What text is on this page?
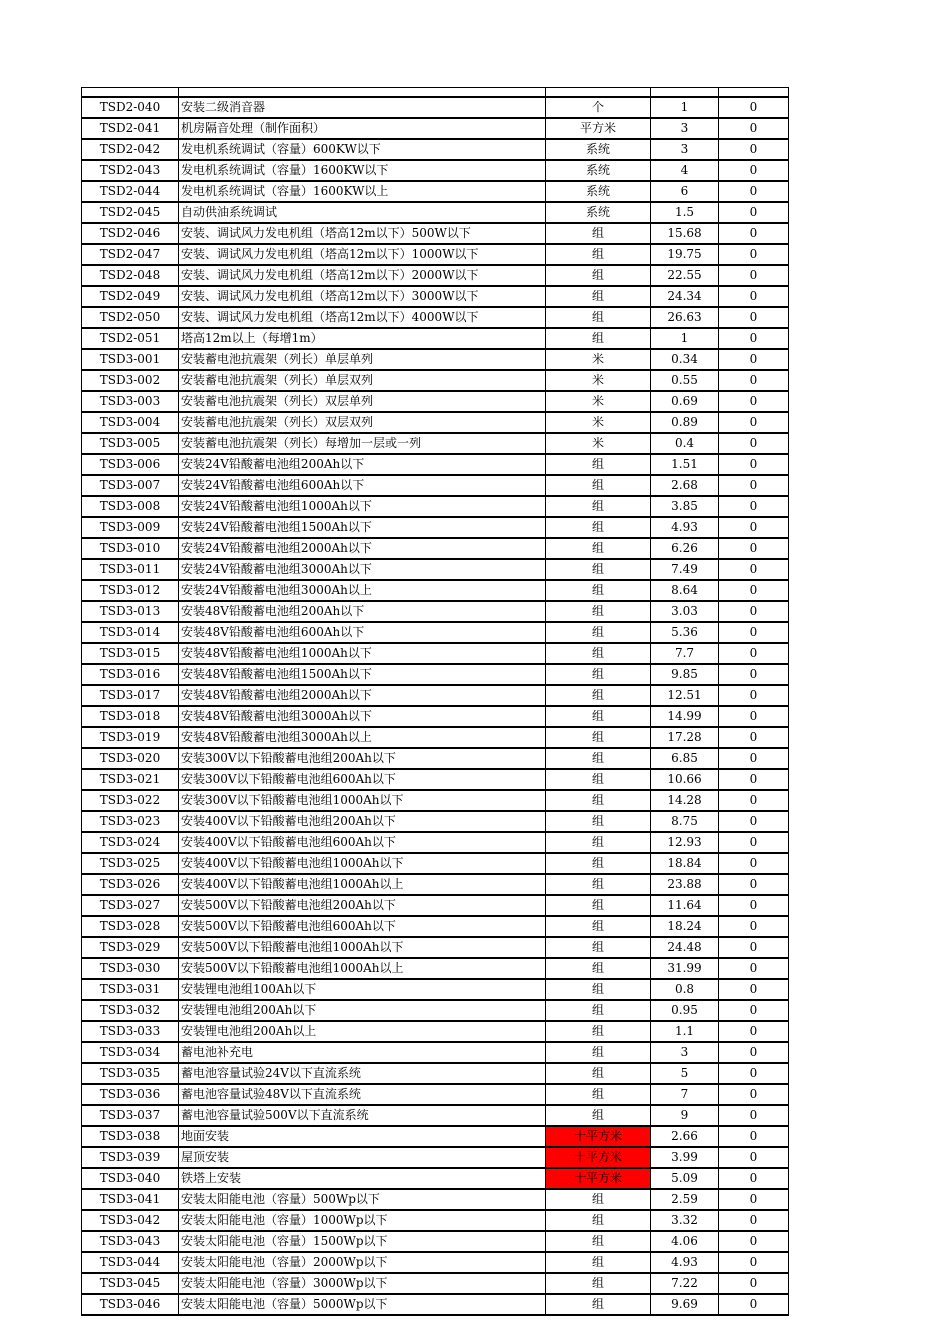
TSD2-040	安装二级消音器	个	1	0
TSD2-041	机房隔音处理（制作面积）	平方米	3	0
TSD2-042	发电机系统调试（容量）600KW以下	系统	3	0
TSD2-043	发电机系统调试（容量）1600KW以下	系统	4	0
TSD2-044	发电机系统调试（容量）1600KW以上	系统	6	0
TSD2-045	自动供油系统调试	系统	1.5	0
TSD2-046	安装、调试风力发电机组（塔高12m以下）500W以下	组	15.68	0
TSD2-047	安装、调试风力发电机组（塔高12m以下）1000W以下	组	19.75	0
TSD2-048	安装、调试风力发电机组（塔高12m以下）2000W以下	组	22.55	0
TSD2-049	安装、调试风力发电机组（塔高12m以下）3000W以下	组	24.34	0
TSD2-050	安装、调试风力发电机组（塔高12m以下）4000W以下	组	26.63	0
TSD2-051	塔高12m以上（每增1m）	组	1	0
TSD3-001	安装蓄电池抗震架（列长）单层单列	米	0.34	0
TSD3-002	安装蓄电池抗震架（列长）单层双列	米	0.55	0
TSD3-003	安装蓄电池抗震架（列长）双层单列	米	0.69	0
TSD3-004	安装蓄电池抗震架（列长）双层双列	米	0.89	0
TSD3-005	安装蓄电池抗震架（列长）每增加一层或一列	米	0.4	0
TSD3-006	安装24V铅酸蓄电池组200Ah以下	组	1.51	0
TSD3-007	安装24V铅酸蓄电池组600Ah以下	组	2.68	0
TSD3-008	安装24V铅酸蓄电池组1000Ah以下	组	3.85	0
TSD3-009	安装24V铅酸蓄电池组1500Ah以下	组	4.93	0
TSD3-010	安装24V铅酸蓄电池组2000Ah以下	组	6.26	0
TSD3-011	安装24V铅酸蓄电池组3000Ah以下	组	7.49	0
TSD3-012	安装24V铅酸蓄电池组3000Ah以上	组	8.64	0
TSD3-013	安装48V铅酸蓄电池组200Ah以下	组	3.03	0
TSD3-014	安装48V铅酸蓄电池组600Ah以下	组	5.36	0
TSD3-015	安装48V铅酸蓄电池组1000Ah以下	组	7.7	0
TSD3-016	安装48V铅酸蓄电池组1500Ah以下	组	9.85	0
TSD3-017	安装48V铅酸蓄电池组2000Ah以下	组	12.51	0
TSD3-018	安装48V铅酸蓄电池组3000Ah以下	组	14.99	0
TSD3-019	安装48V铅酸蓄电池组3000Ah以上	组	17.28	0
TSD3-020	安装300V以下铅酸蓄电池组200Ah以下	组	6.85	0
TSD3-021	安装300V以下铅酸蓄电池组600Ah以下	组	10.66	0
TSD3-022	安装300V以下铅酸蓄电池组1000Ah以下	组	14.28	0
TSD3-023	安装400V以下铅酸蓄电池组200Ah以下	组	8.75	0
TSD3-024	安装400V以下铅酸蓄电池组600Ah以下	组	12.93	0
TSD3-025	安装400V以下铅酸蓄电池组1000Ah以下	组	18.84	0
TSD3-026	安装400V以下铅酸蓄电池组1000Ah以上	组	23.88	0
TSD3-027	安装500V以下铅酸蓄电池组200Ah以下	组	11.64	0
TSD3-028	安装500V以下铅酸蓄电池组600Ah以下	组	18.24	0
TSD3-029	安装500V以下铅酸蓄电池组1000Ah以下	组	24.48	0
TSD3-030	安装500V以下铅酸蓄电池组1000Ah以上	组	31.99	0
TSD3-031	安装锂电池组100Ah以下	组	0.8	0
TSD3-032	安装锂电池组200Ah以下	组	0.95	0
TSD3-033	安装锂电池组200Ah以上	组	1.1	0
TSD3-034	蓄电池补充电	组	3	0
TSD3-035	蓄电池容量试验24V以下直流系统	组	5	0
TSD3-036	蓄电池容量试验48V以下直流系统	组	7	0
TSD3-037	蓄电池容量试验500V以下直流系统	组	9	0
TSD3-038	地面安装	十平方米	2.66	0
TSD3-039	屋顶安装	十平方米	3.99	0
TSD3-040	铁塔上安装	十平方米	5.09	0
TSD3-041	安装太阳能电池（容量）500Wp以下	组	2.59	0
TSD3-042	安装太阳能电池（容量）1000Wp以下	组	3.32	0
TSD3-043	安装太阳能电池（容量）1500Wp以下	组	4.06	0
TSD3-044	安装太阳能电池（容量）2000Wp以下	组	4.93	0
TSD3-045	安装太阳能电池（容量）3000Wp以下	组	7.22	0
TSD3-046	安装太阳能电池（容量）5000Wp以下	组	9.69	0
